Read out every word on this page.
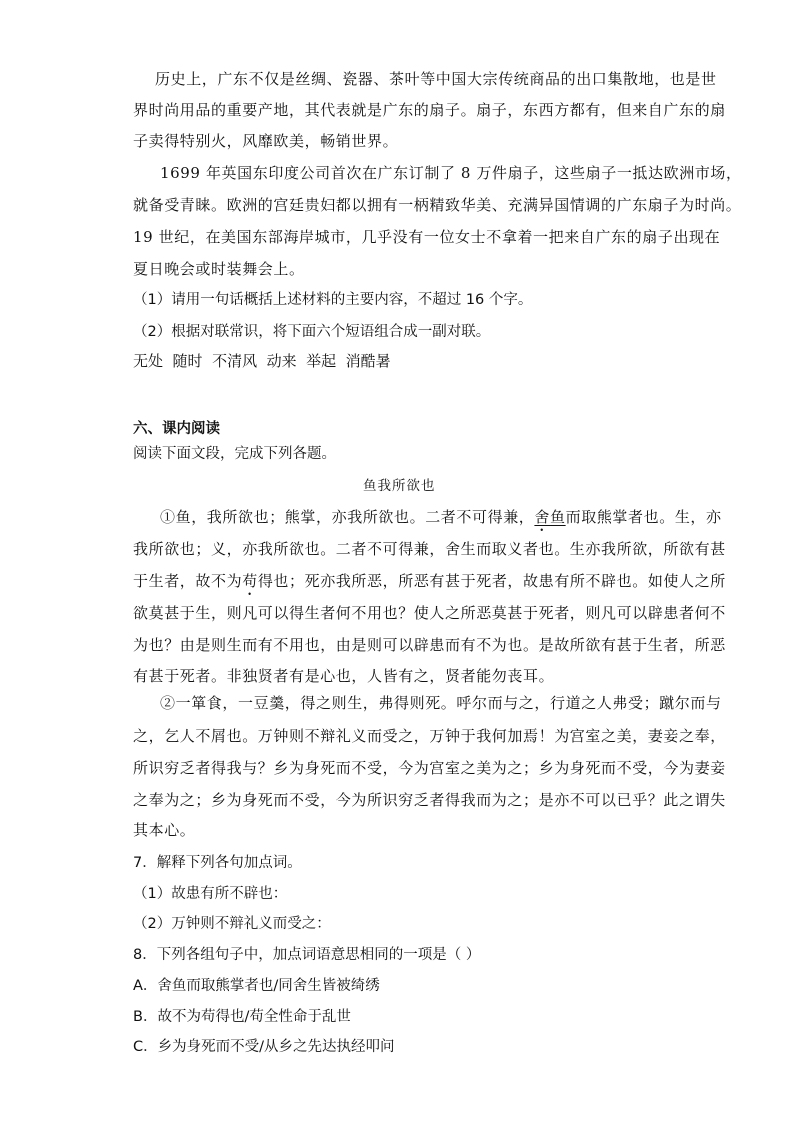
历史上，广东不仅是丝绸、瓷器、茶叶等中国大宗传统商品的出口集散地，也是世
界时尚用品的重要产地，其代表就是广东的扇子。扇子，东西方都有，但来自广东的扇
子卖得特别火，风靡欧美，畅销世界。
1699 年英国东印度公司首次在广东订制了 8 万件扇子，这些扇子一抵达欧洲市场，
就备受青睐。欧洲的宫廷贵妇都以拥有一柄精致华美、充满异国情调的广东扇子为时尚。
19 世纪，在美国东部海岸城市，几乎没有一位女士不拿着一把来自广东的扇子出现在
夏日晚会或时装舞会上。
（1）请用一句话概括上述材料的主要内容，不超过 16 个字。
（2）根据对联常识，将下面六个短语组合成一副对联。
无处  随时  不清风  动来  举起  消酷暑
六、课内阅读
阅读下面文段，完成下列各题。
鱼我所欲也
①鱼，我所欲也；熊掌，亦我所欲也。二者不可得兼，舍鱼而取熊掌者也。生，亦
我所欲也；义，亦我所欲也。二者不可得兼，舍生而取义者也。生亦我所欲，所欲有甚
于生者，故不为苟得也；死亦我所恶，所恶有甚于死者，故患有所不辟也。如使人之所
欲莫甚于生，则凡可以得生者何不用也？使人之所恶莫甚于死者，则凡可以辟患者何不
为也？由是则生而有不用也，由是则可以辟患而有不为也。是故所欲有甚于生者，所恶
有甚于死者。非独贤者有是心也，人皆有之，贤者能勿丧耳。
②一箪食，一豆羹，得之则生，弗得则死。呼尔而与之，行道之人弗受；蹴尔而与
之，乞人不屑也。万钟则不辩礼义而受之，万钟于我何加焉！为宫室之美，妻妾之奉，
所识穷乏者得我与？乡为身死而不受，今为宫室之美为之；乡为身死而不受，今为妻妾
之奉为之；乡为身死而不受，今为所识穷乏者得我而为之；是亦不可以已乎？此之谓失
其本心。
7．解释下列各句加点词。
（1）故患有所不辟也：
（2）万钟则不辩礼义而受之：
8．下列各组句子中，加点词语意思相同的一项是（ ）
A．舍鱼而取熊掌者也/同舍生皆被绮绣
B．故不为苟得也/苟全性命于乱世
C．乡为身死而不受/从乡之先达执经叩问
